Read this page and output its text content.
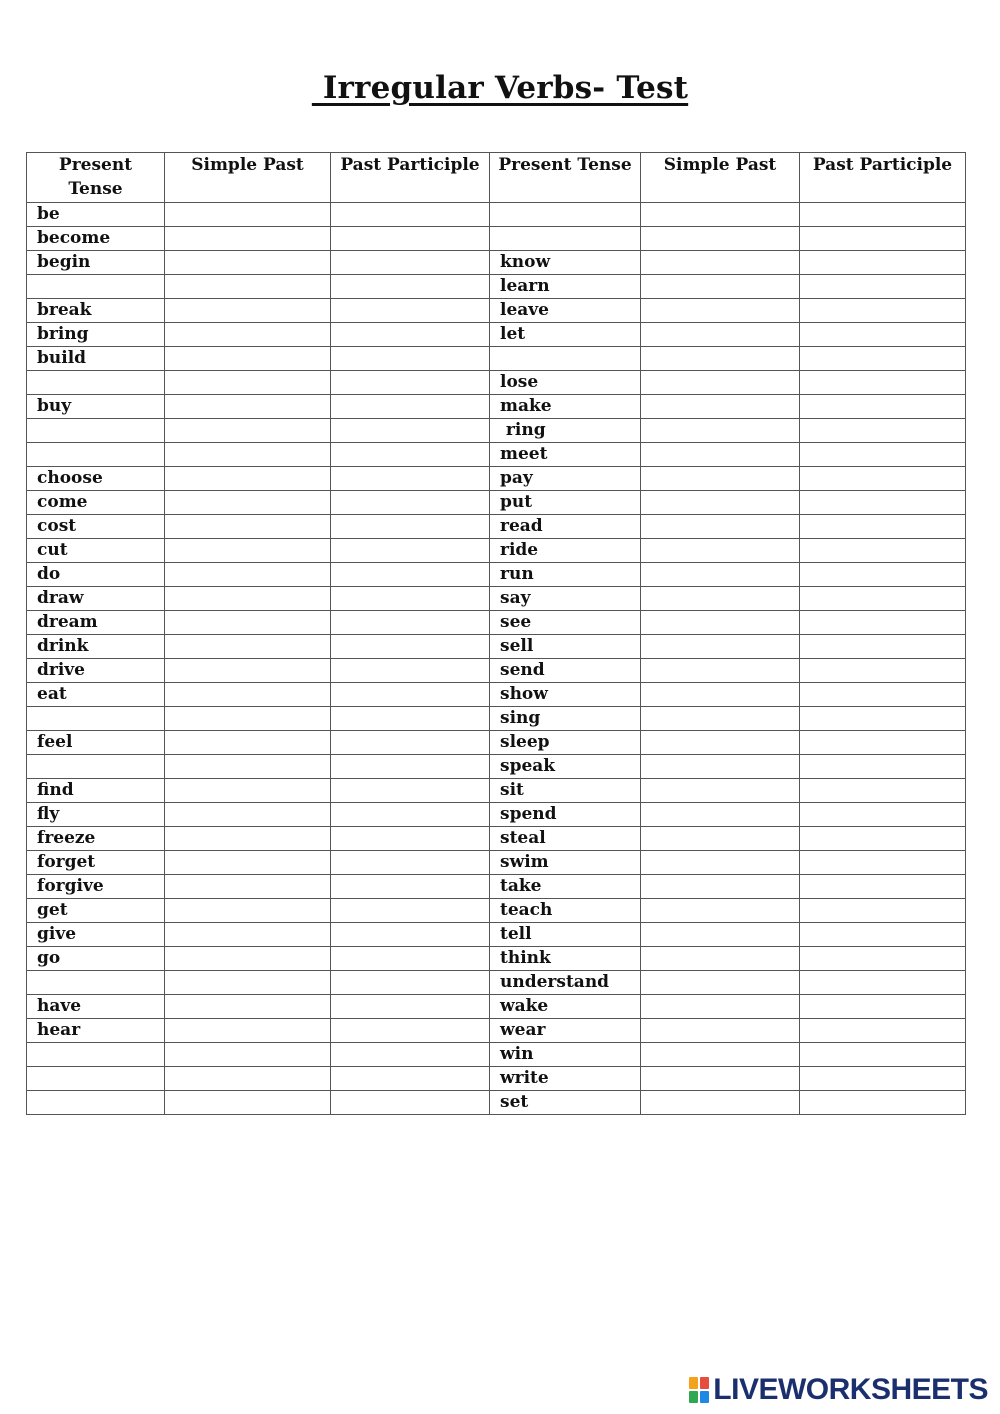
Irregular Verbs- Test
Present
Tense	Simple Past	Past Participle	Present Tense	Simple Past	Past Participle
be					
become					
begin			know		
			learn		
break			leave		
bring			let		
build					
			lose		
buy			make		
			ring		
			meet		
choose			pay		
come			put		
cost			read		
cut			ride		
do			run		
draw			say		
dream			see		
drink			sell		
drive			send		
eat			show		
			sing		
feel			sleep		
			speak		
find			sit		
fly			spend		
freeze			steal		
forget			swim		
forgive			take		
get			teach		
give			tell		
go			think		
			understand		
have			wake		
hear			wear		
			win		
			write		
			set		
LIVEWORKSHEETS
